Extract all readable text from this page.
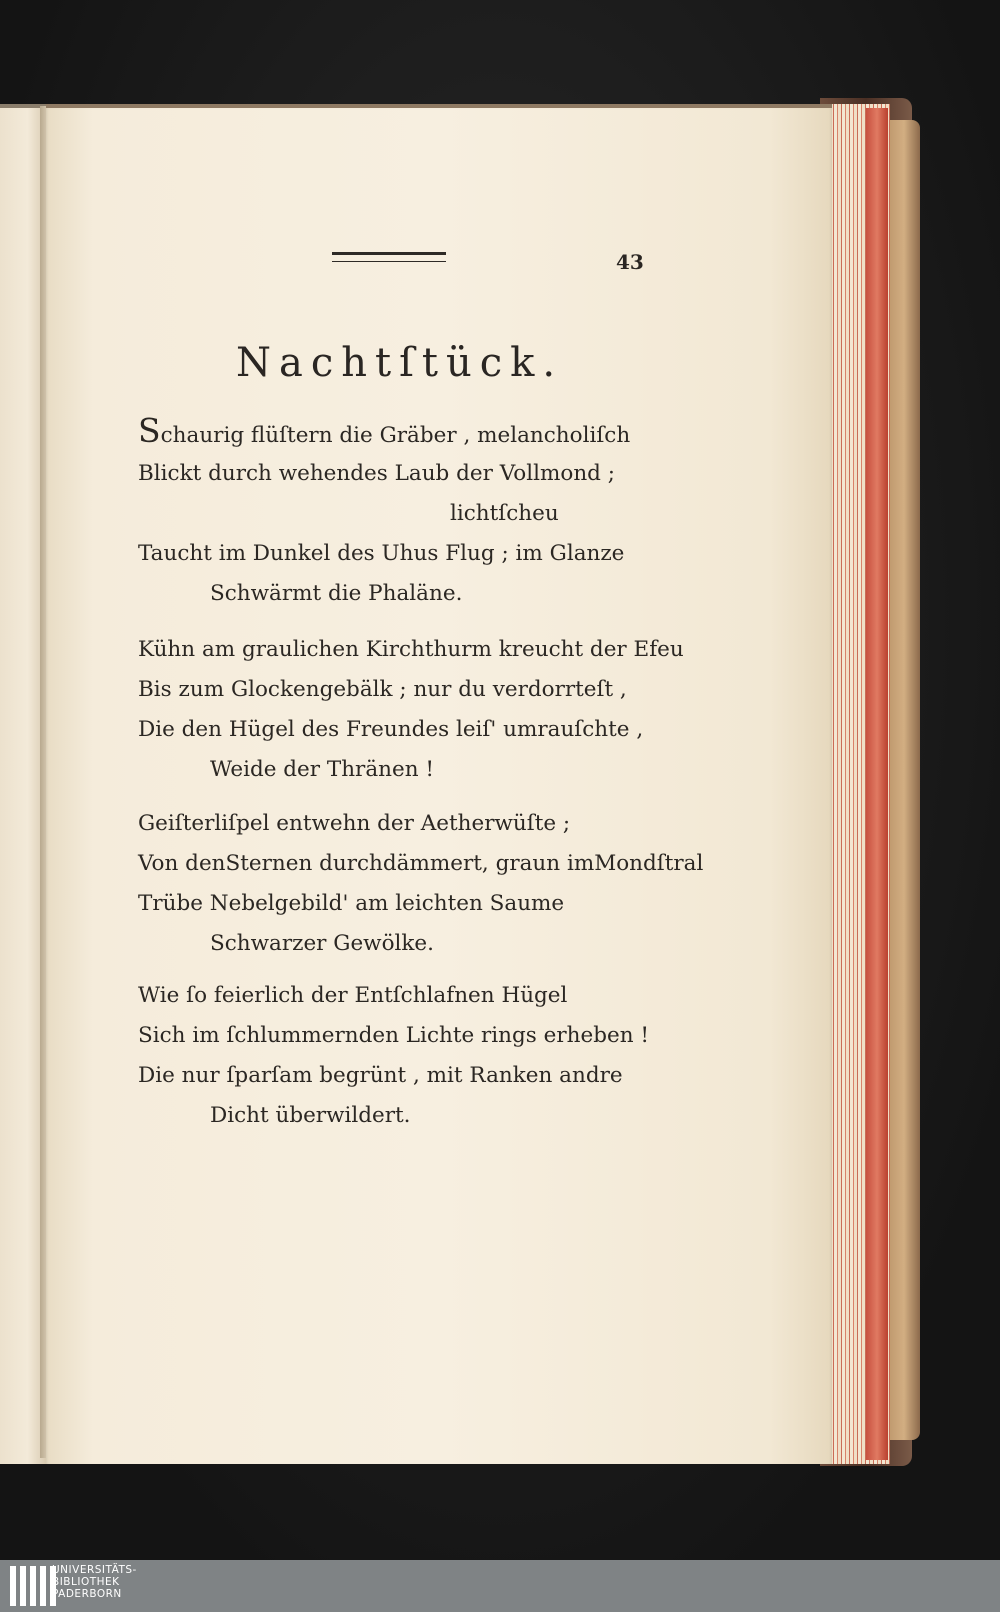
43
Nachtſtück.
Schaurig flüſtern die Gräber , melancholiſch
Blickt durch wehendes Laub der Vollmond ;
lichtſcheu
Taucht im Dunkel des Uhus Flug ; im Glanze
Schwärmt die Phaläne.
Kühn am graulichen Kirchthurm kreucht der Efeu
Bis zum Glockengebälk ; nur du verdorrteſt ,
Die den Hügel des Freundes leiſ' umrauſchte ,
Weide der Thränen !
Geiſterliſpel entwehn der Aetherwüſte ;
Von denSternen durchdämmert, graun imMondſtral
Trübe Nebelgebild' am leichten Saume
Schwarzer Gewölke.
Wie ſo feierlich der Entſchlafnen Hügel
Sich im ſchlummernden Lichte rings erheben !
Die nur ſparſam begrünt , mit Ranken andre
Dicht überwildert.
UNIVERSITÄTS-
BIBLIOTHEK
PADERBORN
